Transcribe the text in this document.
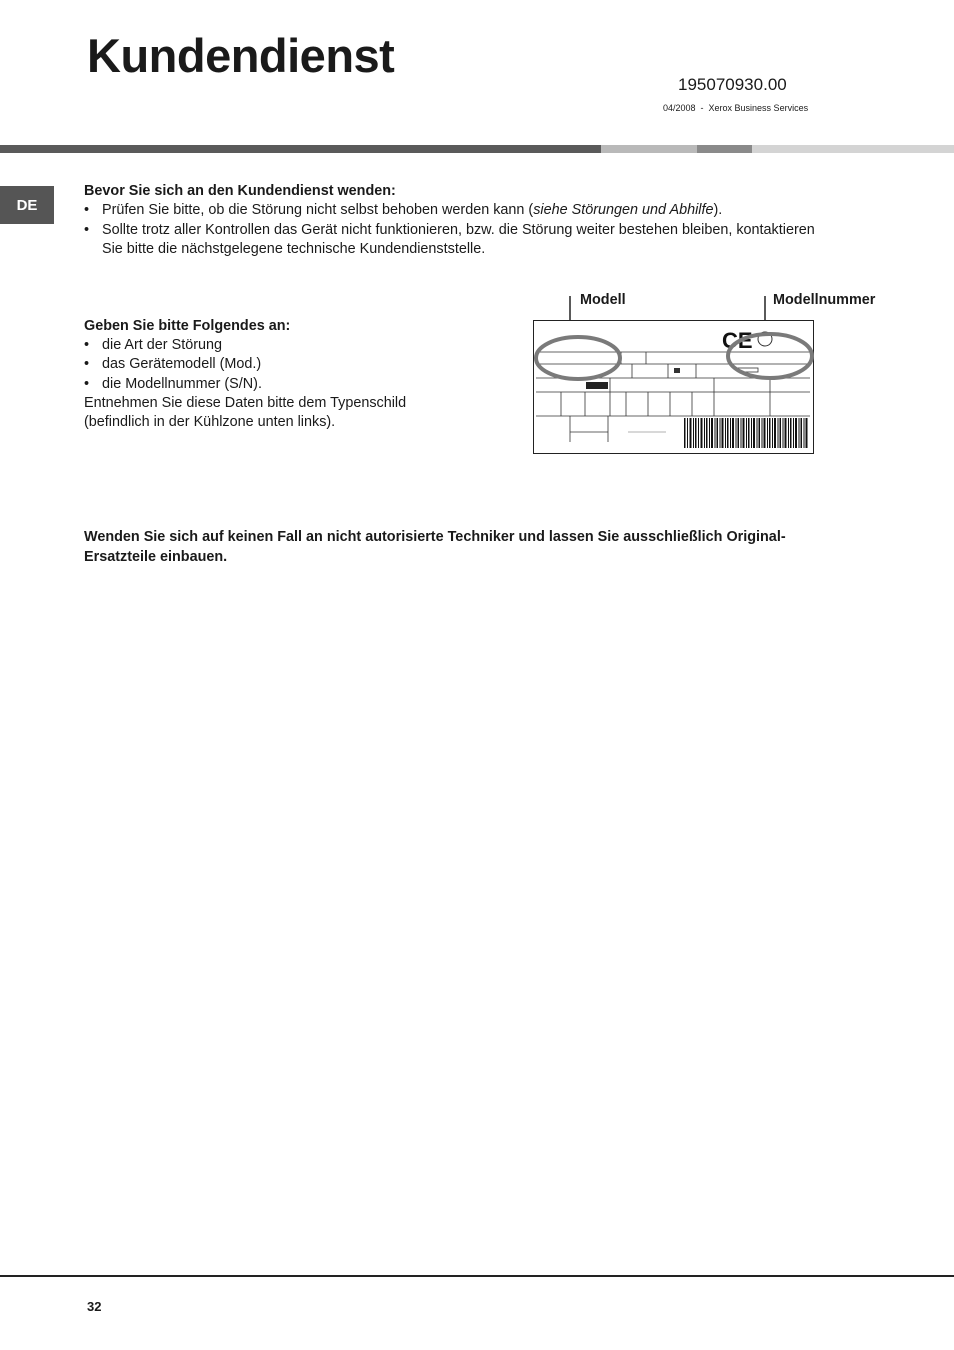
Kundendienst
195070930.00
04/2008  -  Xerox Business Services
DE
Bevor Sie sich an den Kundendienst wenden:
• Prüfen Sie bitte, ob die Störung nicht selbst behoben werden kann (siehe Störungen und Abhilfe).
• Sollte trotz aller Kontrollen das Gerät nicht funktionieren, bzw. die Störung weiter bestehen bleiben, kontaktieren
Sie bitte die nächstgelegene technische Kundendienststelle.
Geben Sie bitte Folgendes an:
• die Art der Störung
• das Gerätemodell (Mod.)
• die Modellnummer (S/N).
Entnehmen Sie diese Daten bitte dem Typenschild
(befindlich in der Kühlzone unten links).
Modell	Modellnummer
CE
Wenden Sie sich auf keinen Fall an nicht autorisierte Techniker und lassen Sie ausschließlich Original-
Ersatzteile einbauen.
32
